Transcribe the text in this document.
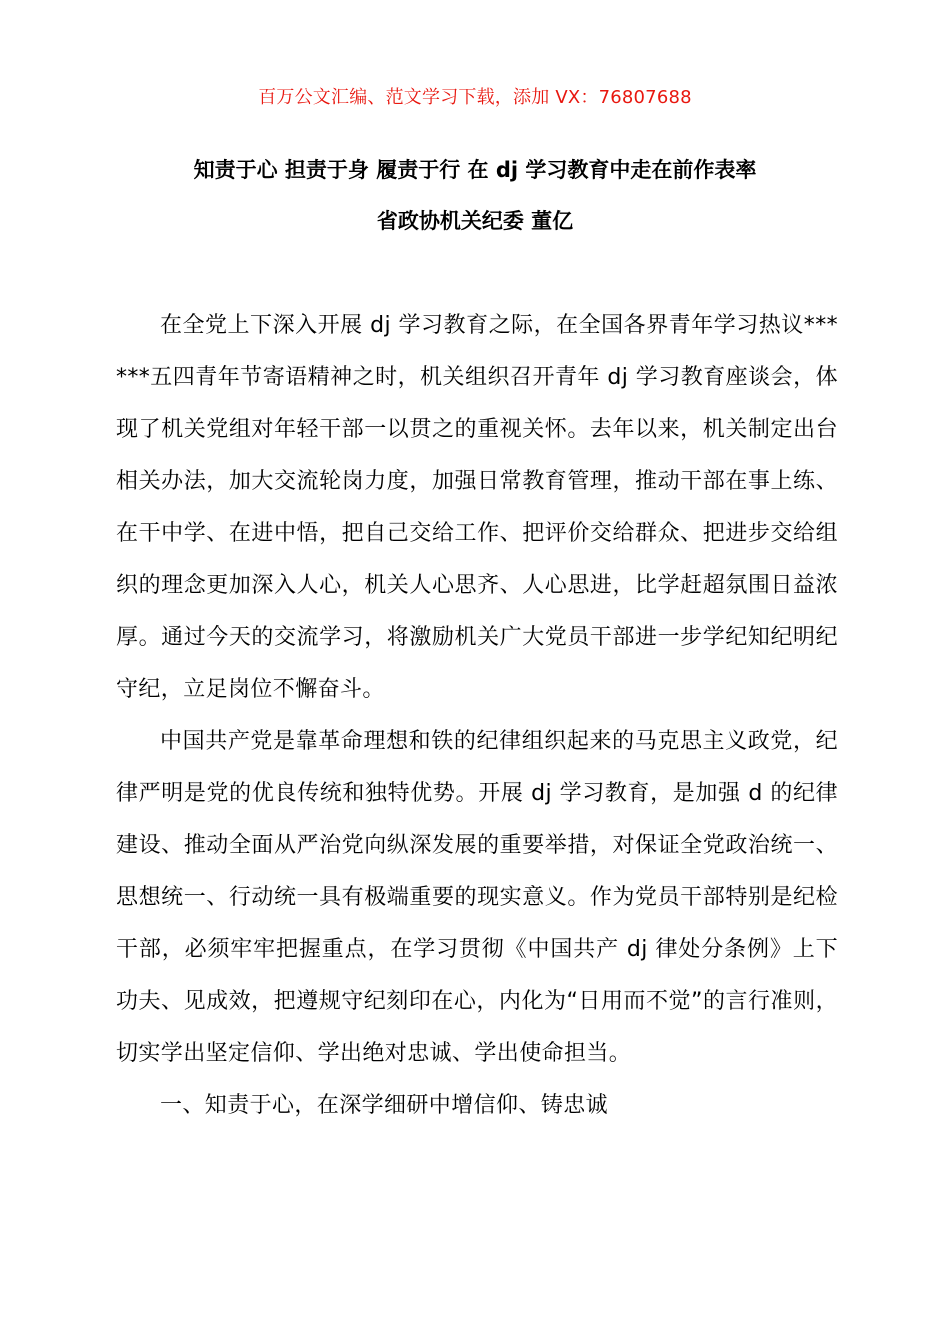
百万公文汇编、范文学习下载，添加 VX：76807688
知责于心 担责于身 履责于行 在 dj 学习教育中走在前作表率
省政协机关纪委 董亿

在全党上下深入开展 dj 学习教育之际，在全国各界青年学习热议******五四青年节寄语精神之时，机关组织召开青年 dj 学习教育座谈会，体现了机关党组对年轻干部一以贯之的重视关怀。去年以来，机关制定出台相关办法，加大交流轮岗力度，加强日常教育管理，推动干部在事上练、在干中学、在进中悟，把自己交给工作、把评价交给群众、把进步交给组织的理念更加深入人心，机关人心思齐、人心思进，比学赶超氛围日益浓厚。通过今天的交流学习，将激励机关广大党员干部进一步学纪知纪明纪守纪，立足岗位不懈奋斗。

中国共产党是靠革命理想和铁的纪律组织起来的马克思主义政党，纪律严明是党的优良传统和独特优势。开展 dj 学习教育，是加强 d 的纪律建设、推动全面从严治党向纵深发展的重要举措，对保证全党政治统一、思想统一、行动统一具有极端重要的现实意义。作为党员干部特别是纪检干部，必须牢牢把握重点，在学习贯彻《中国共产 dj 律处分条例》上下功夫、见成效，把遵规守纪刻印在心，内化为“日用而不觉”的言行准则，切实学出坚定信仰、学出绝对忠诚、学出使命担当。

一、知责于心，在深学细研中增信仰、铸忠诚
